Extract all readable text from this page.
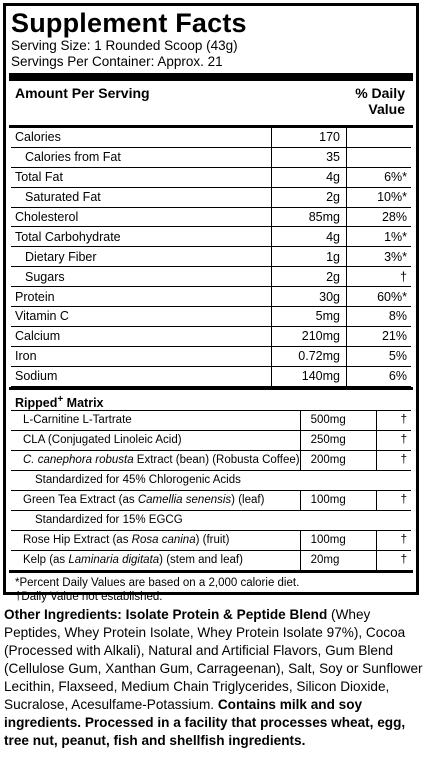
Supplement Facts
Serving Size: 1 Rounded Scoop (43g)
Servings Per Container: Approx. 21
Amount Per Serving	% Daily
Value
Calories	170	
Calories from Fat	35	
Total Fat	4g	6%*
Saturated Fat	2g	10%*
Cholesterol	85mg	28%
Total Carbohydrate	4g	1%*
Dietary Fiber	1g	3%*
Sugars	2g	†
Protein	30g	60%*
Vitamin C	5mg	8%
Calcium	210mg	21%
Iron	0.72mg	5%
Sodium	140mg	6%
Ripped+ Matrix
L-Carnitine L-Tartrate	500mg	†
CLA (Conjugated Linoleic Acid)	250mg	†
C. canephora robusta Extract (bean) (Robusta Coffee)	200mg	†
Standardized for 45% Chlorogenic Acids		
Green Tea Extract (as Camellia senensis) (leaf)	100mg	†
Standardized for 15% EGCG		
Rose Hip Extract (as Rosa canina) (fruit)	100mg	†
Kelp (as Laminaria digitata) (stem and leaf)	20mg	†
*Percent Daily Values are based on a 2,000 calorie diet.
†Daily Value not established.
Other Ingredients: Isolate Protein & Peptide Blend (Whey Peptides, Whey Protein Isolate, Whey Protein Isolate 97%), Cocoa (Processed with Alkali), Natural and Artificial Flavors, Gum Blend (Cellulose Gum, Xanthan Gum, Carrageenan), Salt, Soy or Sunflower Lecithin, Flaxseed, Medium Chain Triglycerides, Silicon Dioxide, Sucralose, Acesulfame-Potassium. Contains milk and soy ingredients. Processed in a facility that processes wheat, egg, tree nut, peanut, fish and shellfish ingredients.
